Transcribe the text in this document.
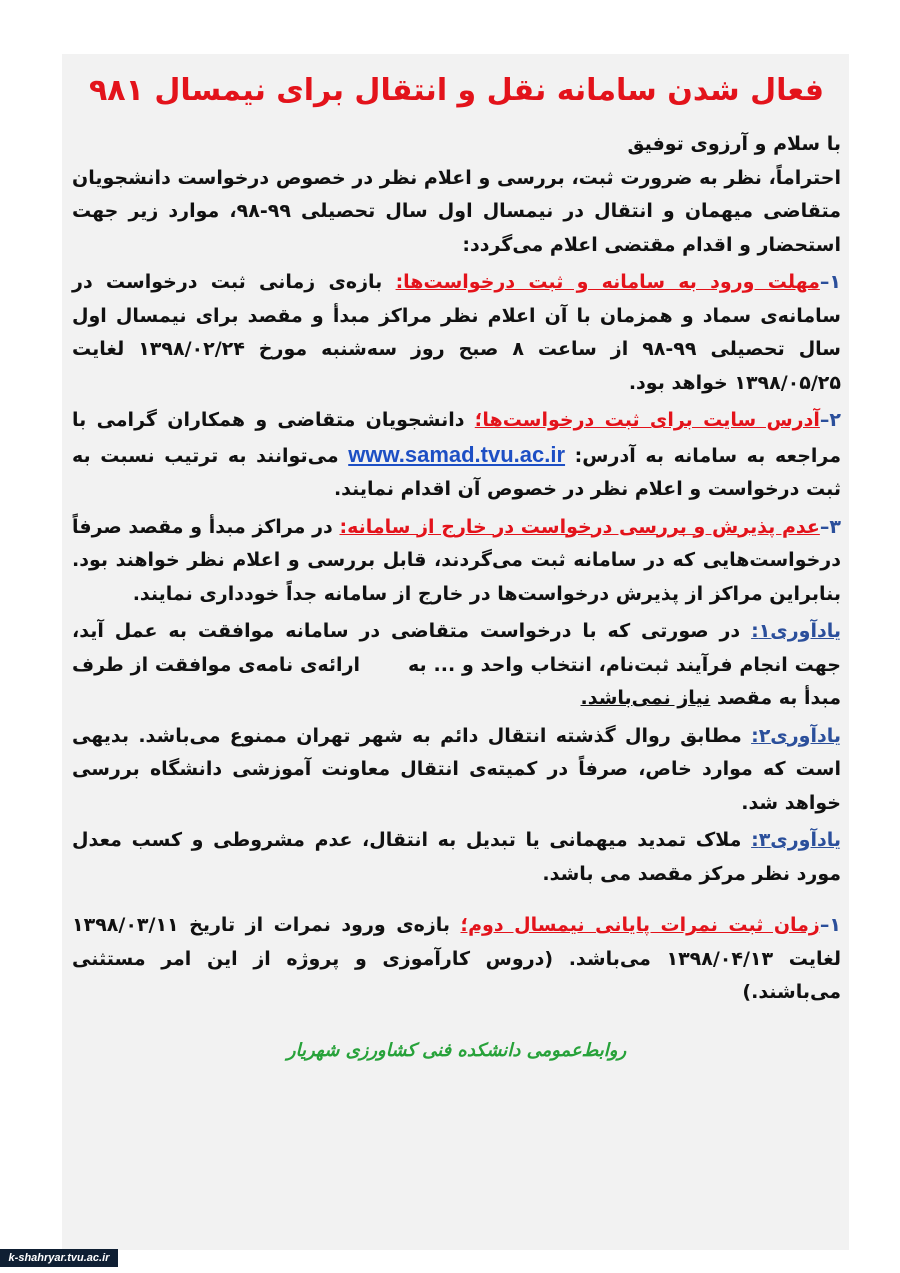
فعال شدن سامانه نقل و انتقال برای نیمسال ۹۸۱

با سلام و آرزوی توفیق

احتراماً، نظر به ضرورت ثبت، بررسی و اعلام نظر در خصوص درخواست دانشجویان متقاضی میهمان و انتقال در نیمسال اول سال تحصیلی ۹۹-۹۸، موارد زیر جهت استحضار و اقدام مقتضی اعلام می‌گردد:

۱–مهلت ورود به سامانه و ثبت درخواست‌ها: بازه‌ی زمانی ثبت درخواست در سامانه‌ی سماد و همزمان با آن اعلام نظر مراکز مبدأ و مقصد برای نیمسال اول سال تحصیلی ۹۹-۹۸ از ساعت ۸ صبح روز سه‌شنبه مورخ ۱۳۹۸/۰۲/۲۴ لغایت ۱۳۹۸/۰۵/۲۵ خواهد بود.

۲–آدرس سایت برای ثبت درخواست‌ها؛ دانشجویان متقاضی و همکاران گرامی با مراجعه به سامانه به آدرس: www.samad.tvu.ac.ir می‌توانند به ترتیب نسبت به ثبت درخواست و اعلام نظر در خصوص آن اقدام نمایند.

۳–عدم پذیرش و بررسی درخواست در خارج از سامانه: در مراکز مبدأ و مقصد صرفاً درخواست‌هایی که در سامانه ثبت می‌گردند، قابل بررسی و اعلام نظر خواهند بود. بنابراین مراکز از پذیرش درخواست‌ها در خارج از سامانه جداً خودداری نمایند.

یادآوری۱: در صورتی که با درخواست متقاضی در سامانه موافقت به عمل آید، جهت انجام فرآیند ثبت‌نام، انتخاب واحد و ... بهارائه‌ی نامه‌ی موافقت از طرف مبدأ به مقصد نیاز نمی‌باشد.

یادآوری۲: مطابق روال گذشته انتقال دائم به شهر تهران ممنوع می‌باشد. بدیهی است که موارد خاص، صرفاً در کمیته‌ی انتقال معاونت آموزشی دانشگاه بررسی خواهد شد.

یادآوری۳: ملاک تمدید میهمانی یا تبدیل به انتقال، عدم مشروطی و کسب معدل مورد نظر مرکز مقصد می باشد.

۱–زمان ثبت نمرات پایانی نیمسال دوم؛ بازه‌ی ورود نمرات از تاریخ ۱۳۹۸/۰۳/۱۱ لغایت ۱۳۹۸/۰۴/۱۳ می‌باشد. (دروس کارآموزی و پروژه از این امر مستثنی می‌باشند.)

روابط‌عمومی دانشکده فنی کشاورزی شهریار
k-shahryar.tvu.ac.ir
